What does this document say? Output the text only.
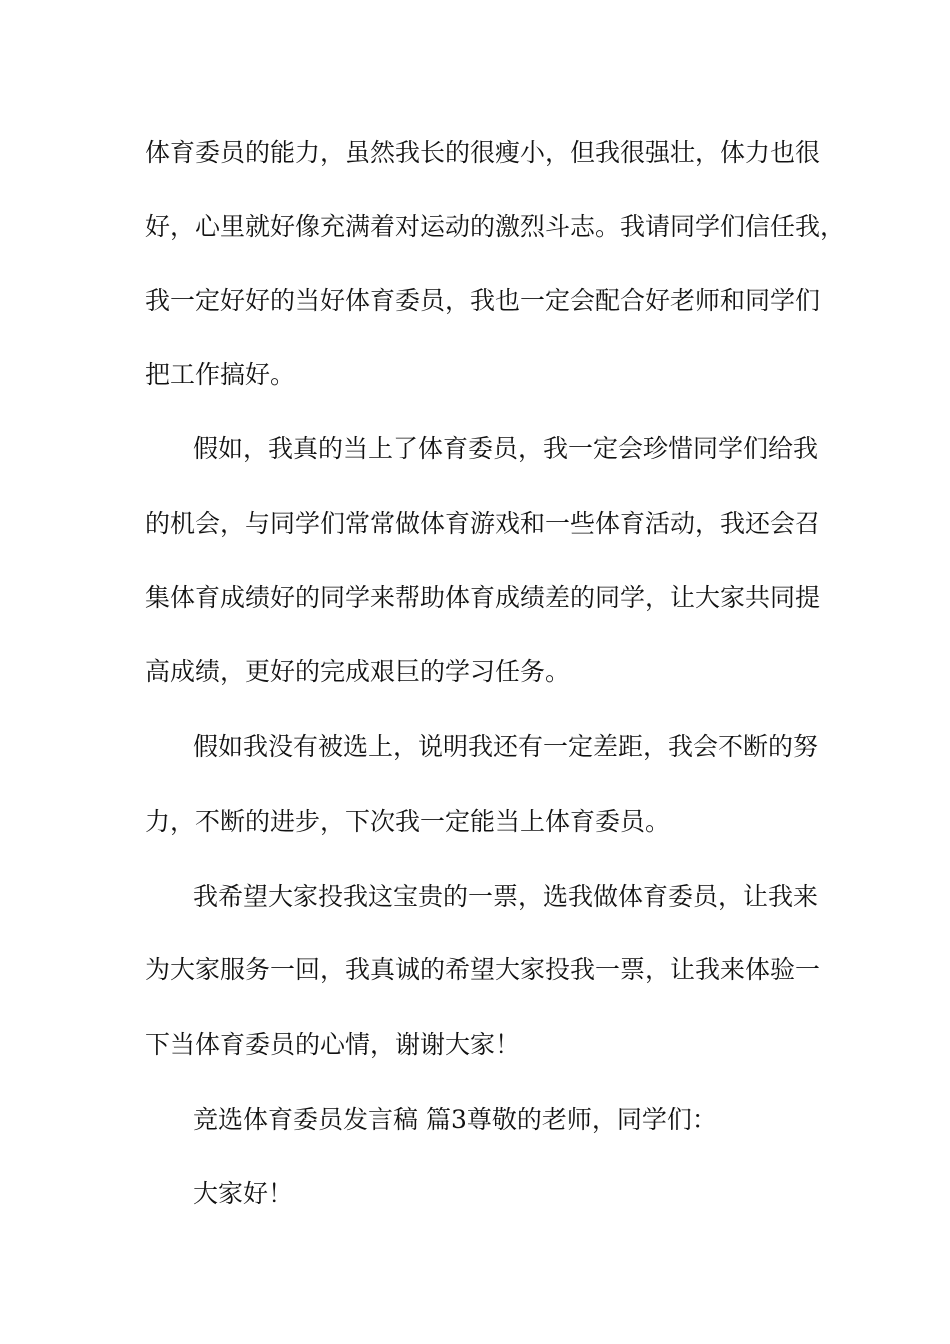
体育委员的能力，虽然我长的很瘦小，但我很强壮，体力也很
好，心里就好像充满着对运动的激烈斗志。我请同学们信任我，
我一定好好的当好体育委员，我也一定会配合好老师和同学们
把工作搞好。
假如，我真的当上了体育委员，我一定会珍惜同学们给我
的机会，与同学们常常做体育游戏和一些体育活动，我还会召
集体育成绩好的同学来帮助体育成绩差的同学，让大家共同提
高成绩，更好的完成艰巨的学习任务。
假如我没有被选上，说明我还有一定差距，我会不断的努
力，不断的进步，下次我一定能当上体育委员。
我希望大家投我这宝贵的一票，选我做体育委员，让我来
为大家服务一回，我真诚的希望大家投我一票，让我来体验一
下当体育委员的心情，谢谢大家！
竞选体育委员发言稿 篇3尊敬的老师，同学们：
大家好！
